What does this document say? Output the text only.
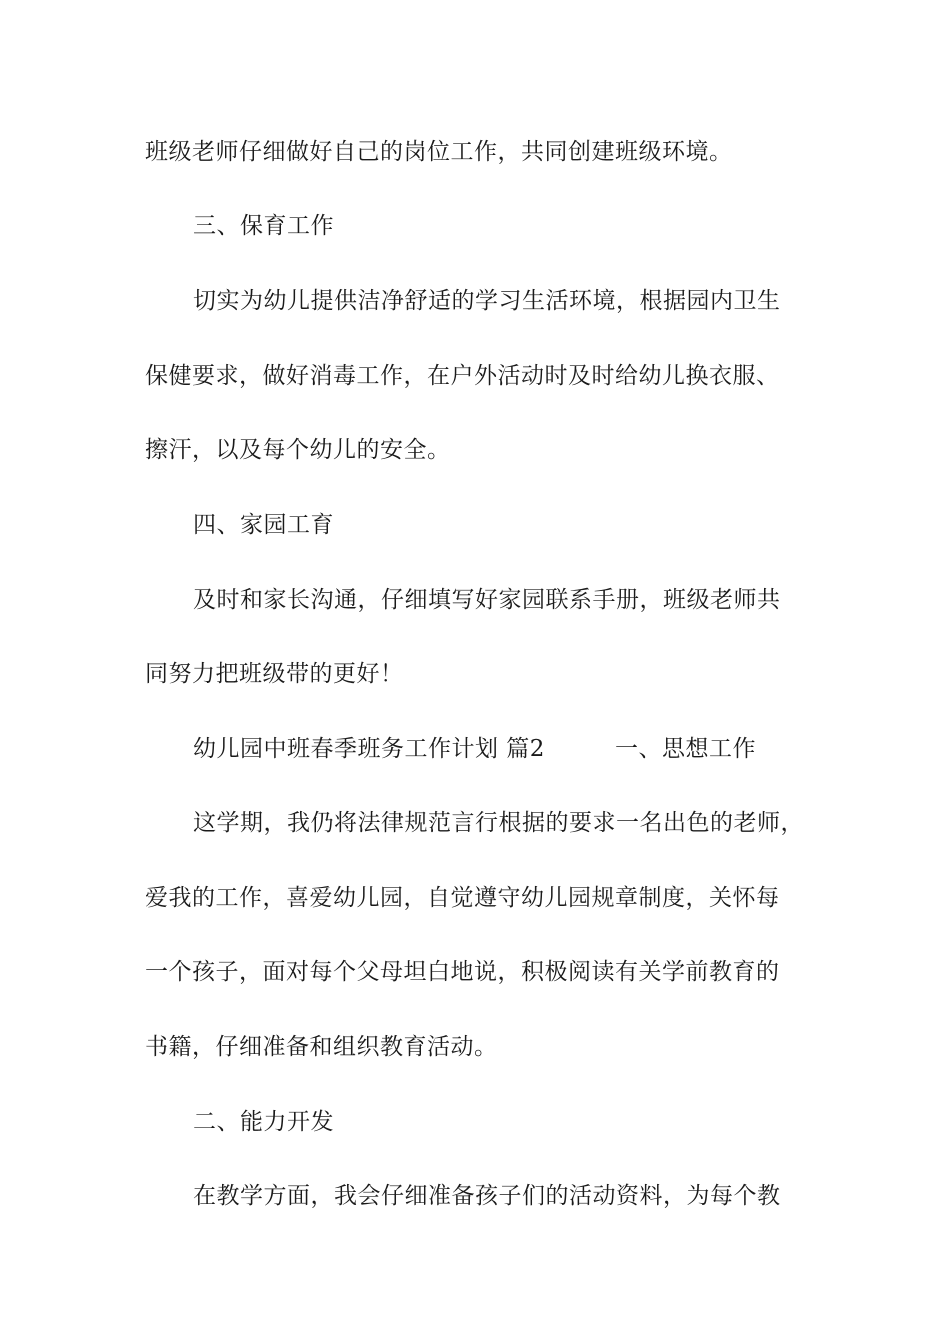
班级老师仔细做好自己的岗位工作，共同创建班级环境。
三、保育工作
切实为幼儿提供洁净舒适的学习生活环境，根据园内卫生
保健要求，做好消毒工作，在户外活动时及时给幼儿换衣服、
擦汗，以及每个幼儿的安全。
四、家园工育
及时和家长沟通，仔细填写好家园联系手册，班级老师共
同努力把班级带的更好！
幼儿园中班春季班务工作计划 篇2	一、思想工作
这学期，我仍将法律规范言行根据的要求一名出色的老师，
爱我的工作，喜爱幼儿园，自觉遵守幼儿园规章制度，关怀每
一个孩子，面对每个父母坦白地说，积极阅读有关学前教育的
书籍，仔细准备和组织教育活动。
二、能力开发
在教学方面，我会仔细准备孩子们的活动资料，为每个教
